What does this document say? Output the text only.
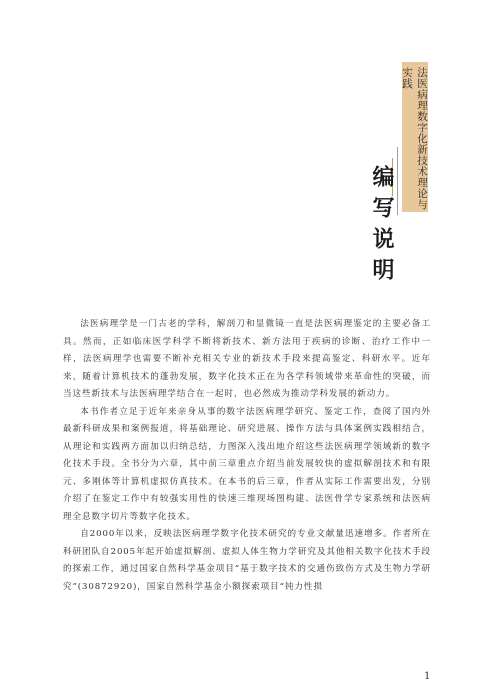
法医病理数字化新技术理论与实践
编写说明

法医病理学是一门古老的学科，解剖刀和显微镜一直是法医病理鉴定的主要必备工具。然而，正如临床医学科学不断将新技术、新方法用于疾病的诊断、治疗工作中一样，法医病理学也需要不断补充相关专业的新技术手段来提高鉴定、科研水平。近年来，随着计算机技术的蓬勃发展，数字化技术正在为各学科领域带来革命性的突破，而当这些新技术与法医病理学结合在一起时，也必然成为推动学科发展的新动力。

本书作者立足于近年来亲身从事的数字法医病理学研究、鉴定工作，查阅了国内外最新科研成果和案例报道，将基础理论、研究进展、操作方法与具体案例实践相结合，从理论和实践两方面加以归纳总结，力图深入浅出地介绍这些法医病理学领域新的数字化技术手段。全书分为六章，其中前三章重点介绍当前发展较快的虚拟解剖技术和有限元、多刚体等计算机虚拟仿真技术。在本书的后三章，作者从实际工作需要出发，分别介绍了在鉴定工作中有较强实用性的快速三维现场图构建、法医骨学专家系统和法医病理全息数字切片等数字化技术。

自2000年以来，反映法医病理学数字化技术研究的专业文献量迅速增多。作者所在科研团队自2005年起开始虚拟解剖、虚拟人体生物力学研究及其他相关数字化技术手段的探索工作，通过国家自然科学基金项目“基于数字技术的交通伤致伤方式及生物力学研究”(30872920)，国家自然科学基金小额探索项目“钝力性损

1
